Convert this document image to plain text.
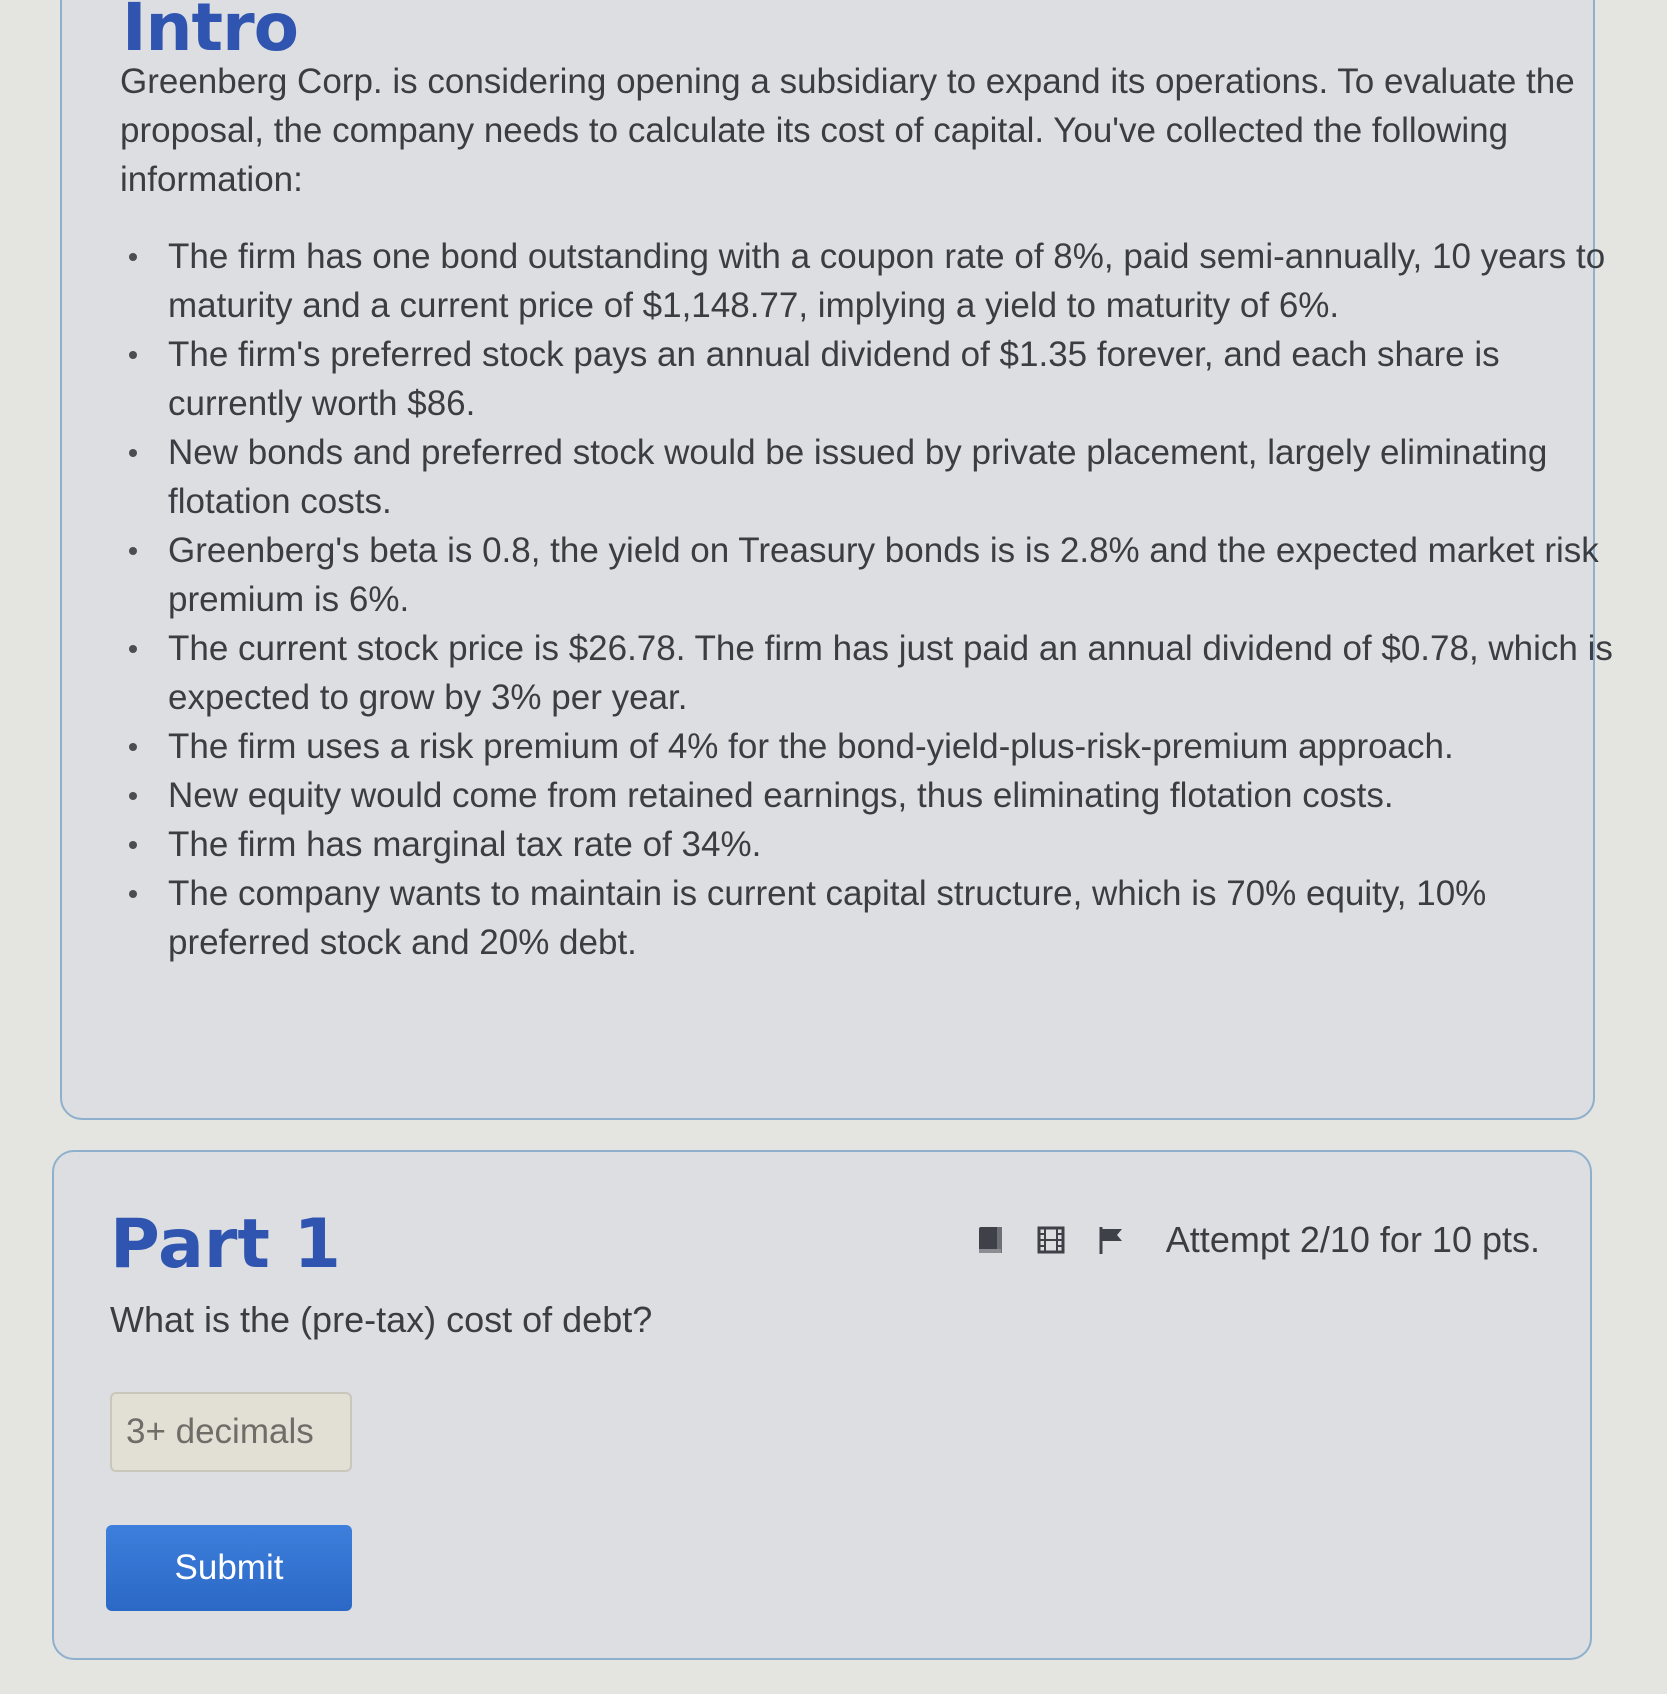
Intro

Greenberg Corp. is considering opening a subsidiary to expand its operations. To evaluate the proposal, the company needs to calculate its cost of capital. You've collected the following information:

The firm has one bond outstanding with a coupon rate of 8%, paid semi-annually, 10 years to maturity and a current price of $1,148.77, implying a yield to maturity of 6%.
The firm's preferred stock pays an annual dividend of $1.35 forever, and each share is currently worth $86.
New bonds and preferred stock would be issued by private placement, largely eliminating flotation costs.
Greenberg's beta is 0.8, the yield on Treasury bonds is is 2.8% and the expected market risk premium is 6%.
The current stock price is $26.78. The firm has just paid an annual dividend of $0.78, which is expected to grow by 3% per year.
The firm uses a risk premium of 4% for the bond-yield-plus-risk-premium approach.
New equity would come from retained earnings, thus eliminating flotation costs.
The firm has marginal tax rate of 34%.
The company wants to maintain is current capital structure, which is 70% equity, 10% preferred stock and 20% debt.
Part 1	Attempt 2/10 for 10 pts.

What is the (pre-tax) cost of debt?

3+ decimals
Submit
